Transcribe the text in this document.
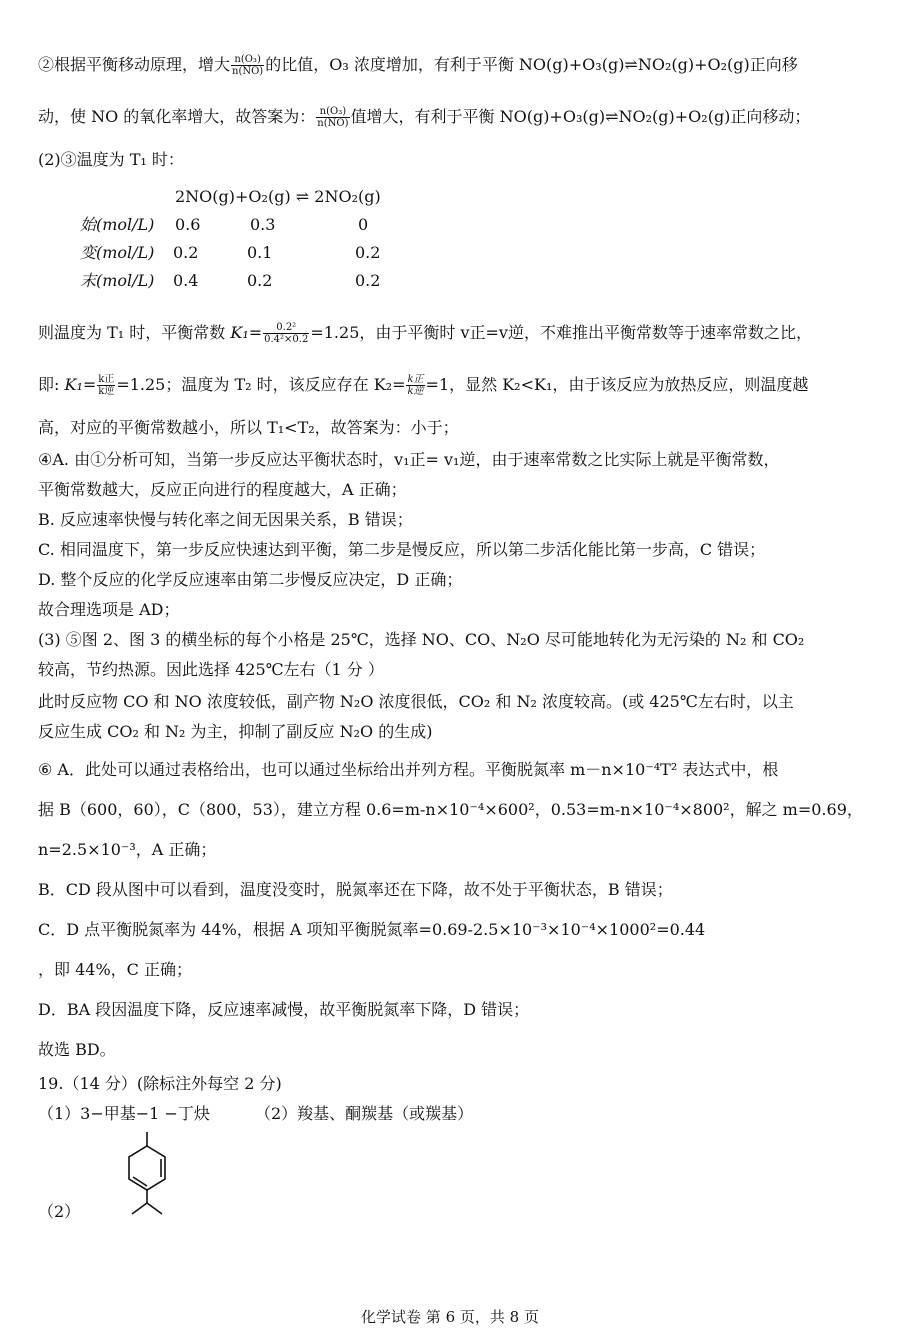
②根据平衡移动原理，增大 $\frac{\text{n(O₃)}}{n(NO)}$ 的比值，O₃ 浓度增加，有利于平衡 NO(g)+O₃(g)⇌NO₂(g)+O₂(g)正向移
动，使 NO 的氧化率增大，故答案为： $\frac{\text{n(O₃)}}{n(NO)}$ 值增大，有利于平衡 NO(g)+O₃(g)⇌NO₂(g)+O₂(g)正向移动；
(2)③温度为 T₁ 时：
2NO(g)+O₂(g) ⇌ 2NO₂(g)
始(mol/L) 0.6	0.3	0
变(mol/L) 0.2	0.1	0.2
末(mol/L) 0.4	0.2	0.2
则温度为 T₁ 时，平衡常数 $K_1= \frac{\text{0.2²}}{\text{0.4²×0.2}} =1.25$，由于平衡时 v正=v逆，不难推出平衡常数等于速率常数之比，
即: $K_1= \frac{\text{k正}}{\text{k逆}} =1.25$；温度为 T₂ 时，该反应存在 $K_2= \frac{\text{k正}}{\text{k逆}} =1$，显然 K₂<K₁，由于该反应为放热反应，则温度越
高，对应的平衡常数越小，所以 T₁<T₂，故答案为：小于；
④A. 由①分析可知，当第一步反应达平衡状态时，v₁正= v₁逆，由于速率常数之比实际上就是平衡常数，
平衡常数越大，反应正向进行的程度越大，A 正确；
B. 反应速率快慢与转化率之间无因果关系，B 错误；
C. 相同温度下，第一步反应快速达到平衡，第二步是慢反应，所以第二步活化能比第一步高，C 错误；
D. 整个反应的化学反应速率由第二步慢反应决定，D 正确；
故合理选项是 AD；
(3) ⑤图 2、图 3 的横坐标的每个小格是 25℃，选择 NO、CO、N₂O 尽可能地转化为无污染的 N₂ 和 CO₂
较高，节约热源。因此选择 425℃左右（1 分 ）
此时反应物 CO 和 NO 浓度较低，副产物 N₂O 浓度很低，CO₂ 和 N₂ 浓度较高。(或 425℃左右时，以主
反应生成 CO₂ 和 N₂ 为主，抑制了副反应 N₂O 的生成)
⑥ A．此处可以通过表格给出，也可以通过坐标给出并列方程。平衡脱氮率 m－n×10⁻⁴T² 表达式中，根
据 B（600，60），C（800，53），建立方程 0.6=m-n×10⁻⁴×600²，0.53=m-n×10⁻⁴×800²，解之 m=0.69，
n=2.5×10⁻³，A 正确；
B．CD 段从图中可以看到，温度没变时，脱氮率还在下降，故不处于平衡状态，B 错误；
C．D 点平衡脱氮率为 44%，根据 A 项知平衡脱氮率=0.69-2.5×10⁻³×10⁻⁴×1000²=0.44
，即 44%，C 正确；
D．BA 段因温度下降，反应速率减慢，故平衡脱氮率下降，D 错误；
故选 BD。
19.（14 分）(除标注外每空 2 分)
（1）3−甲基−1 −丁炔	（2）羧基、酮羰基（或羰基）
（2）
化学试卷 第 6 页，共 8 页
